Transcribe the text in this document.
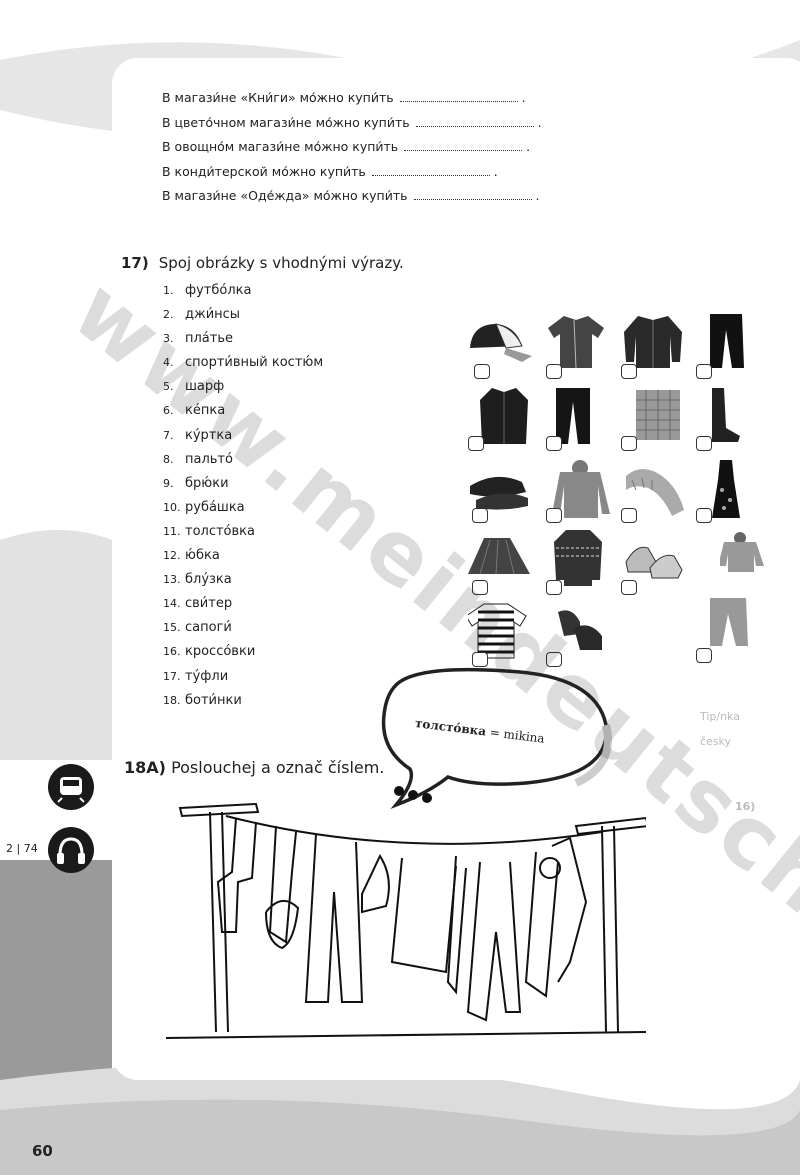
Tip/nka
česky
16)
В магази́не «Кни́ги» мо́жно купи́ть	.
В цвето́чном магази́не мо́жно купи́ть	.
В овощно́м магази́не мо́жно купи́ть	.
В конди́терской мо́жно купи́ть	.
В магази́не «Оде́жда» мо́жно купи́ть	.
17) Spoj obrázky s vhodnými výrazy.
1. футбо́лка
2. джи́нсы
3. пла́тье
4. спорти́вный костю́м
5. шарф
6. ке́пка
7. ку́ртка
8. пальто́
9. брю́ки
10. руба́шка
11. толсто́вка
12. ю́бка
13. блу́зка
14. сви́тер
15. сапоги́
16. кроссо́вки
17. ту́фли
18. боти́нки
толсто́вка = mikina
18A) Poslouchej a označ číslem.
2 | 74
60
